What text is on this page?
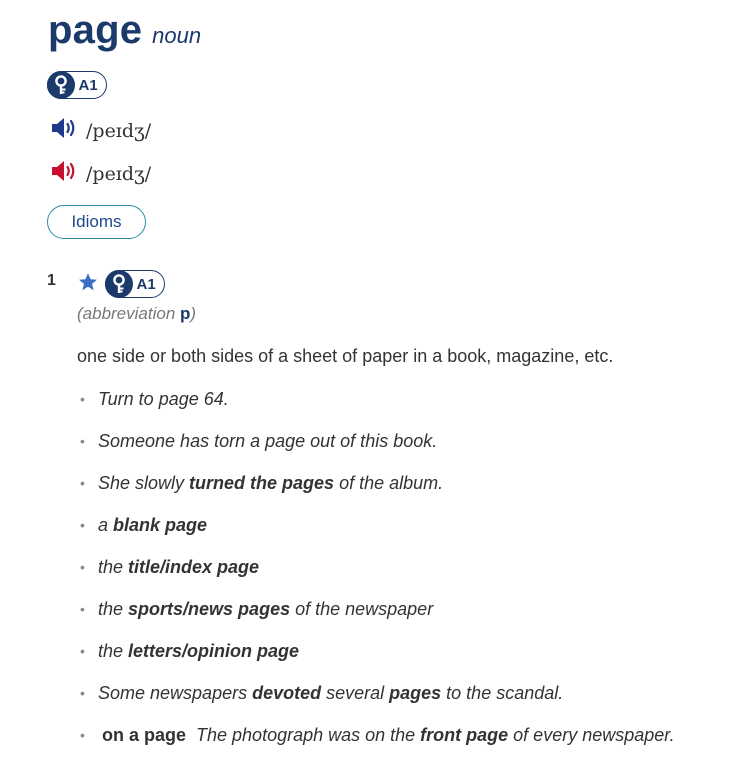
page noun
A1
/peɪdʒ/
/peɪdʒ/
Idioms
1	A1
(abbreviation p)
one side or both sides of a sheet of paper in a book, magazine, etc.
• Turn to page 64.
• Someone has torn a page out of this book.
• She slowly turned the pages of the album.
• a blank page
• the title/index page
• the sports/news pages of the newspaper
• the letters/opinion page
• Some newspapers devoted several pages to the scandal.
• on a page The photograph was on the front page of every newspaper.
